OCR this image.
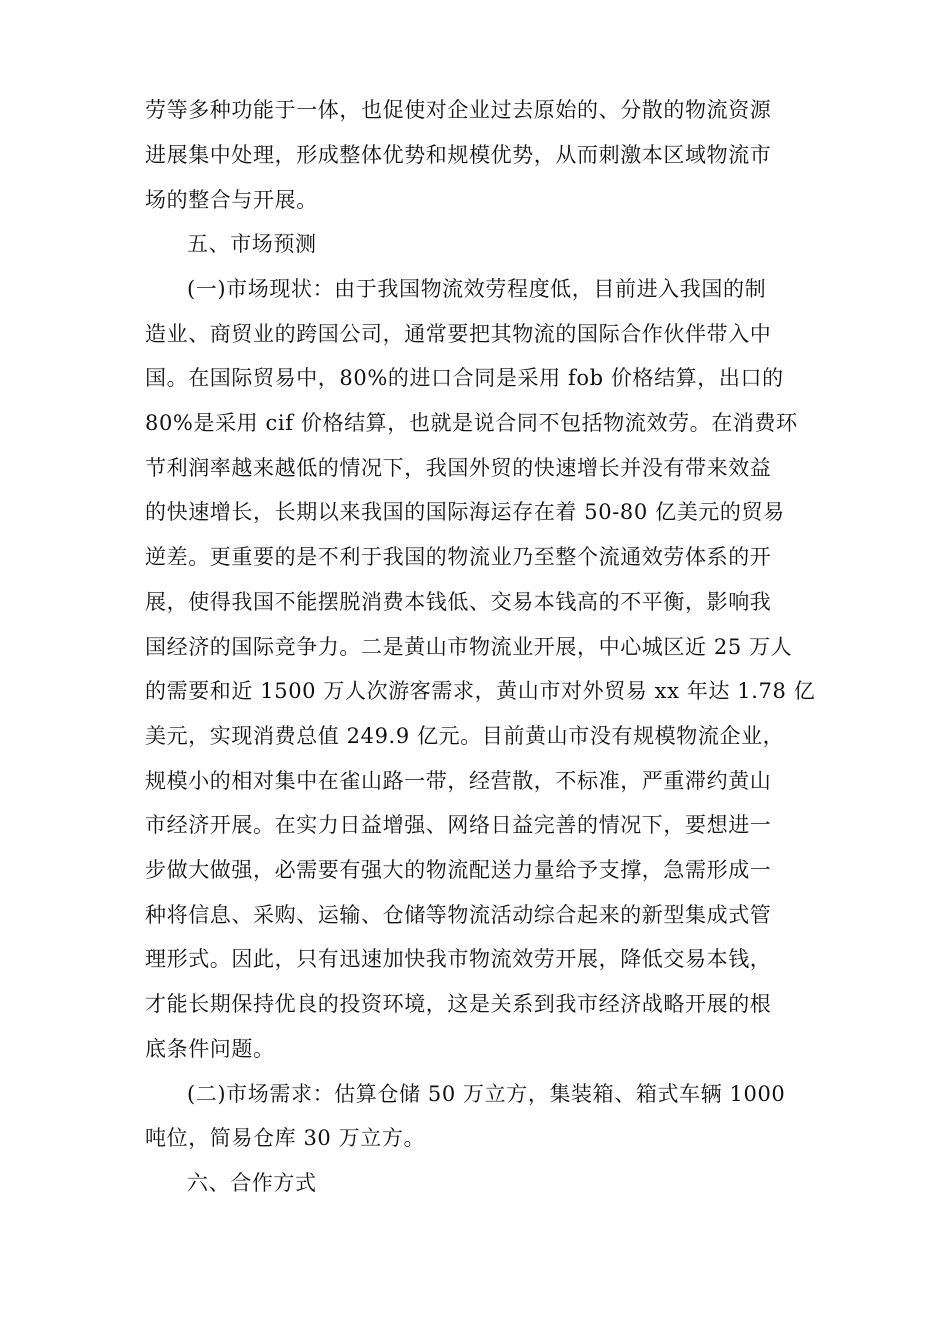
劳等多种功能于一体，也促使对企业过去原始的、分散的物流资源
进展集中处理，形成整体优势和规模优势，从而刺激本区域物流市
场的整合与开展。
五、市场预测
(一)市场现状：由于我国物流效劳程度低，目前进入我国的制
造业、商贸业的跨国公司，通常要把其物流的国际合作伙伴带入中
国。在国际贸易中，80%的进口合同是采用 fob 价格结算，出口的
80%是采用 cif 价格结算，也就是说合同不包括物流效劳。在消费环
节利润率越来越低的情况下，我国外贸的快速增长并没有带来效益
的快速增长，长期以来我国的国际海运存在着 50-80 亿美元的贸易
逆差。更重要的是不利于我国的物流业乃至整个流通效劳体系的开
展，使得我国不能摆脱消费本钱低、交易本钱高的不平衡，影响我
国经济的国际竞争力。二是黄山市物流业开展，中心城区近 25 万人
的需要和近 1500 万人次游客需求，黄山市对外贸易 xx 年达 1.78 亿
美元，实现消费总值 249.9 亿元。目前黄山市没有规模物流企业，
规模小的相对集中在雀山路一带，经营散，不标准，严重滞约黄山
市经济开展。在实力日益增强、网络日益完善的情况下，要想进一
步做大做强，必需要有强大的物流配送力量给予支撑，急需形成一
种将信息、采购、运输、仓储等物流活动综合起来的新型集成式管
理形式。因此，只有迅速加快我市物流效劳开展，降低交易本钱，
才能长期保持优良的投资环境，这是关系到我市经济战略开展的根
底条件问题。
(二)市场需求：估算仓储 50 万立方，集装箱、箱式车辆 1000
吨位，简易仓库 30 万立方。
六、合作方式
